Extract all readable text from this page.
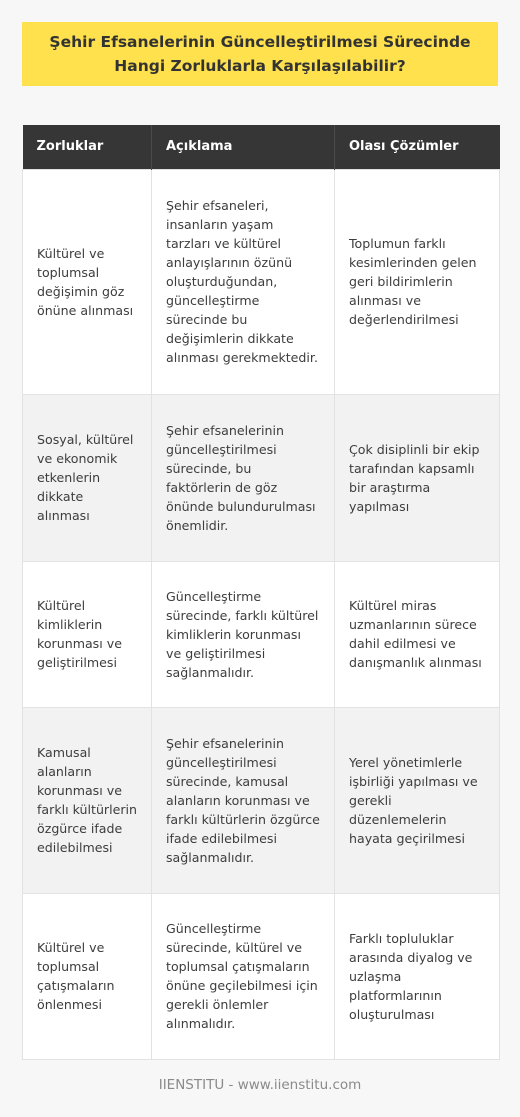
Şehir Efsanelerinin Güncelleştirilmesi Sürecinde Hangi Zorluklarla Karşılaşılabilir?
Zorluklar	Açıklama	Olası Çözümler
Kültürel ve toplumsal değişimin göz önüne alınması	Şehir efsaneleri, insanların yaşam tarzları ve kültürel anlayışlarının özünü oluşturduğundan, güncelleştirme sürecinde bu değişimlerin dikkate alınması gerekmektedir.	Toplumun farklı kesimlerinden gelen geri bildirimlerin alınması ve değerlendirilmesi
Sosyal, kültürel ve ekonomik etkenlerin dikkate alınması	Şehir efsanelerinin güncelleştirilmesi sürecinde, bu faktörlerin de göz önünde bulundurulması önemlidir.	Çok disiplinli bir ekip tarafından kapsamlı bir araştırma yapılması
Kültürel kimliklerin korunması ve geliştirilmesi	Güncelleştirme sürecinde, farklı kültürel kimliklerin korunması ve geliştirilmesi sağlanmalıdır.	Kültürel miras uzmanlarının sürece dahil edilmesi ve danışmanlık alınması
Kamusal alanların korunması ve farklı kültürlerin özgürce ifade edilebilmesi	Şehir efsanelerinin güncelleştirilmesi sürecinde, kamusal alanların korunması ve farklı kültürlerin özgürce ifade edilebilmesi sağlanmalıdır.	Yerel yönetimlerle işbirliği yapılması ve gerekli düzenlemelerin hayata geçirilmesi
Kültürel ve toplumsal çatışmaların önlenmesi	Güncelleştirme sürecinde, kültürel ve toplumsal çatışmaların önüne geçilebilmesi için gerekli önlemler alınmalıdır.	Farklı topluluklar arasında diyalog ve uzlaşma platformlarının oluşturulması
IIENSTITU - www.iienstitu.com
